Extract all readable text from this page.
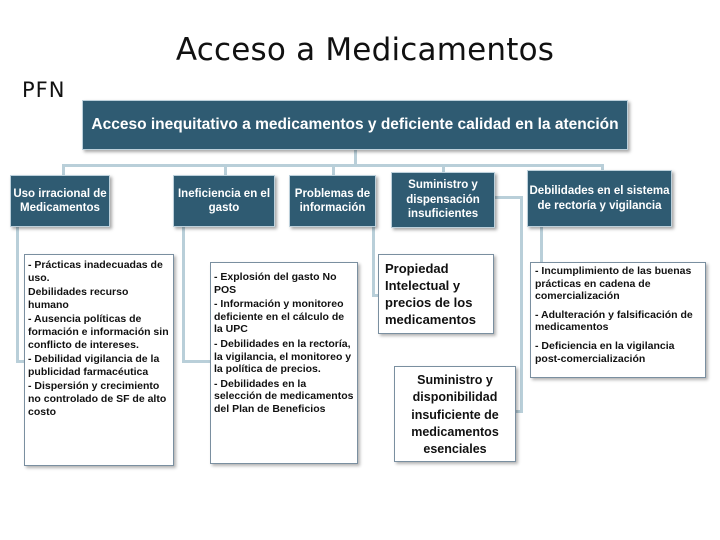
Acceso a Medicamentos
PFN
Acceso inequitativo a medicamentos y deficiente calidad en la atención
Uso irracional de Medicamentos
Ineficiencia en el gasto
Problemas de información
Suministro y dispensación insuficientes
Debilidades en el sistema de rectoría y vigilancia

- Prácticas inadecuadas de uso.

Debilidades recurso humano

- Ausencia políticas de formación e información sin conflicto de intereses.

- Debilidad vigilancia de la publicidad farmacéutica

- Dispersión y crecimiento no controlado de SF de alto costo

- Explosión del gasto No POS

- Información y monitoreo deficiente en el cálculo de la UPC

- Debilidades en la rectoría, la vigilancia, el monitoreo y la política de precios.

- Debilidades en la selección de medicamentos del Plan de Beneficios

Propiedad Intelectual y precios de los medicamentos
Suministro y disponibilidad insuficiente de medicamentos esenciales

- Incumplimiento de las buenas prácticas en cadena de comercialización

- Adulteración y falsificación de medicamentos

- Deficiencia en la vigilancia post-comercialización
